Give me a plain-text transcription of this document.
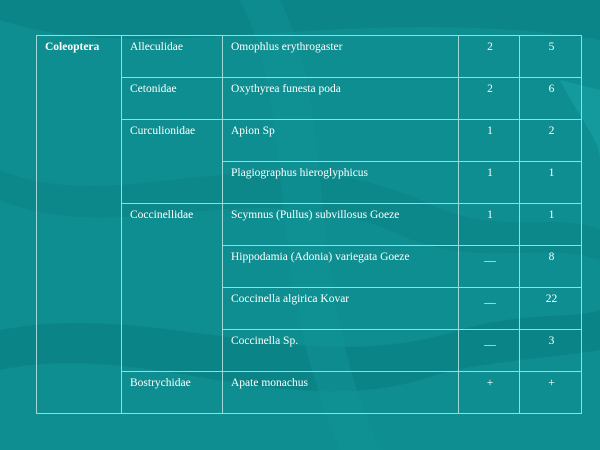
Coleoptera	Alleculidae	Omophlus erythrogaster	2	5
	Cetonidae	Oxythyrea funesta poda	2	6
	Curculionidae	Apion Sp	1	2
		Plagiographus hieroglyphicus	1	1
	Coccinellidae	Scymnus (Pullus) subvillosus Goeze	1	1
		Hippodamia (Adonia) variegata Goeze	__	8
		Coccinella algirica Kovar	__	22
		Coccinella Sp.	__	3
	Bostrychidae	Apate monachus	+	+
